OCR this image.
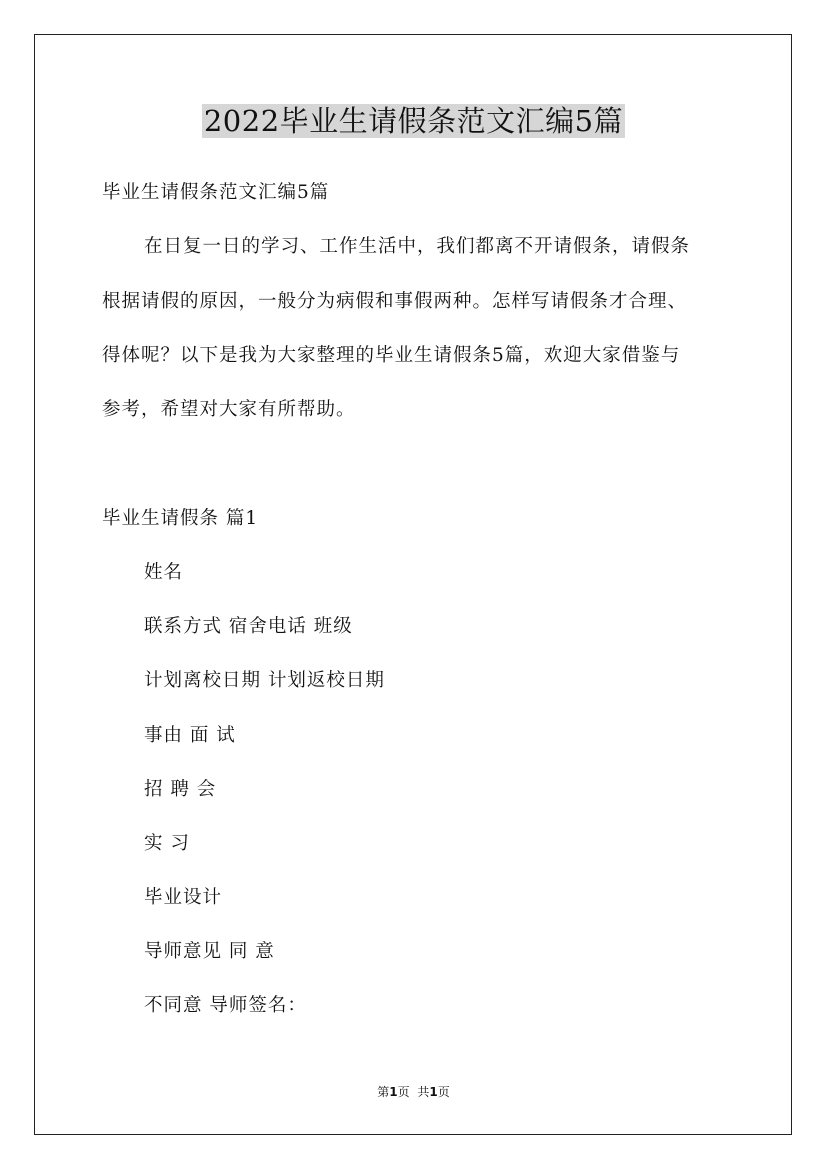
2022毕业生请假条范文汇编5篇
毕业生请假条范文汇编5篇
在日复一日的学习、工作生活中，我们都离不开请假条，请假条
根据请假的原因，一般分为病假和事假两种。怎样写请假条才合理、
得体呢？以下是我为大家整理的毕业生请假条5篇，欢迎大家借鉴与
参考，希望对大家有所帮助。
毕业生请假条 篇1
姓名
联系方式 宿舍电话 班级
计划离校日期 计划返校日期
事由 面 试
招 聘 会
实 习
毕业设计
导师意见 同 意
不同意 导师签名：
第1页 共1页
